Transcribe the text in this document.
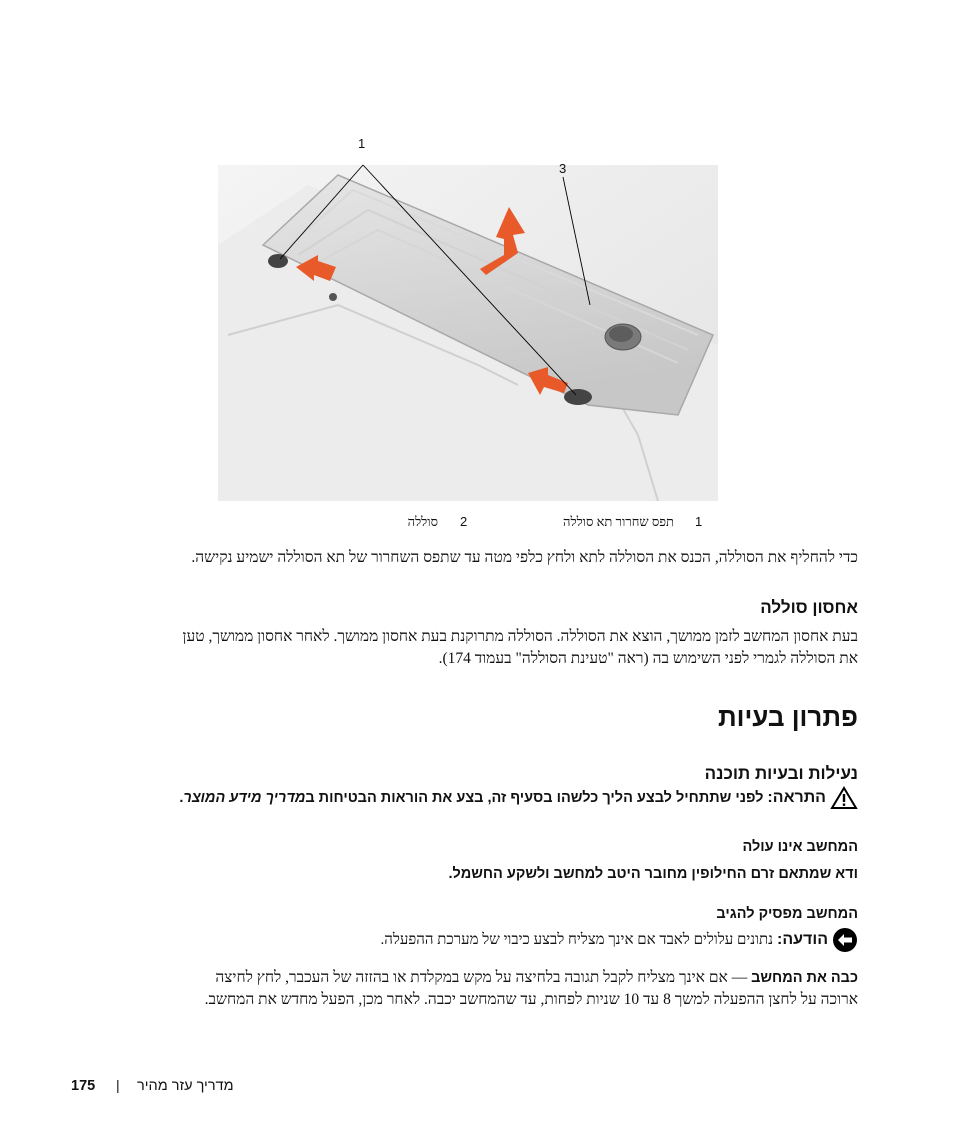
1
3
1
תפס שחרור תא סוללה
2
סוללה
כדי להחליף את הסוללה, הכנס את הסוללה לתא ולחץ כלפי מטה עד שתפס השחרור של תא הסוללה ישמיע נקישה.
אחסון סוללה
בעת אחסון המחשב לזמן ממושך, הוצא את הסוללה. הסוללה מתרוקנת בעת אחסון ממושך. לאחר אחסון ממושך, טען
את הסוללה לגמרי לפני השימוש בה (ראה "טעינת הסוללה" בעמוד 174).
פתרון בעיות
נעילות ובעיות תוכנה
התראה:
לפני שתתחיל לבצע הליך כלשהו בסעיף זה, בצע את הוראות הבטיחות במדריך מידע המוצר.
המחשב אינו עולה
ודא שמתאם זרם החילופין מחובר היטב למחשב ולשקע החשמל.
המחשב מפסיק להגיב
הודעה:
נתונים עלולים לאבד אם אינך מצליח לבצע כיבוי של מערכת ההפעלה.
כבה את המחשב — אם אינך מצליח לקבל תגובה בלחיצה על מקש במקלדת או בהזזה של העכבר, לחץ לחיצה
ארוכה על לחצן ההפעלה למשך 8 עד 10 שניות לפחות, עד שהמחשב יכבה. לאחר מכן, הפעל מחדש את המחשב.
175 | מדריך עזר מהיר
